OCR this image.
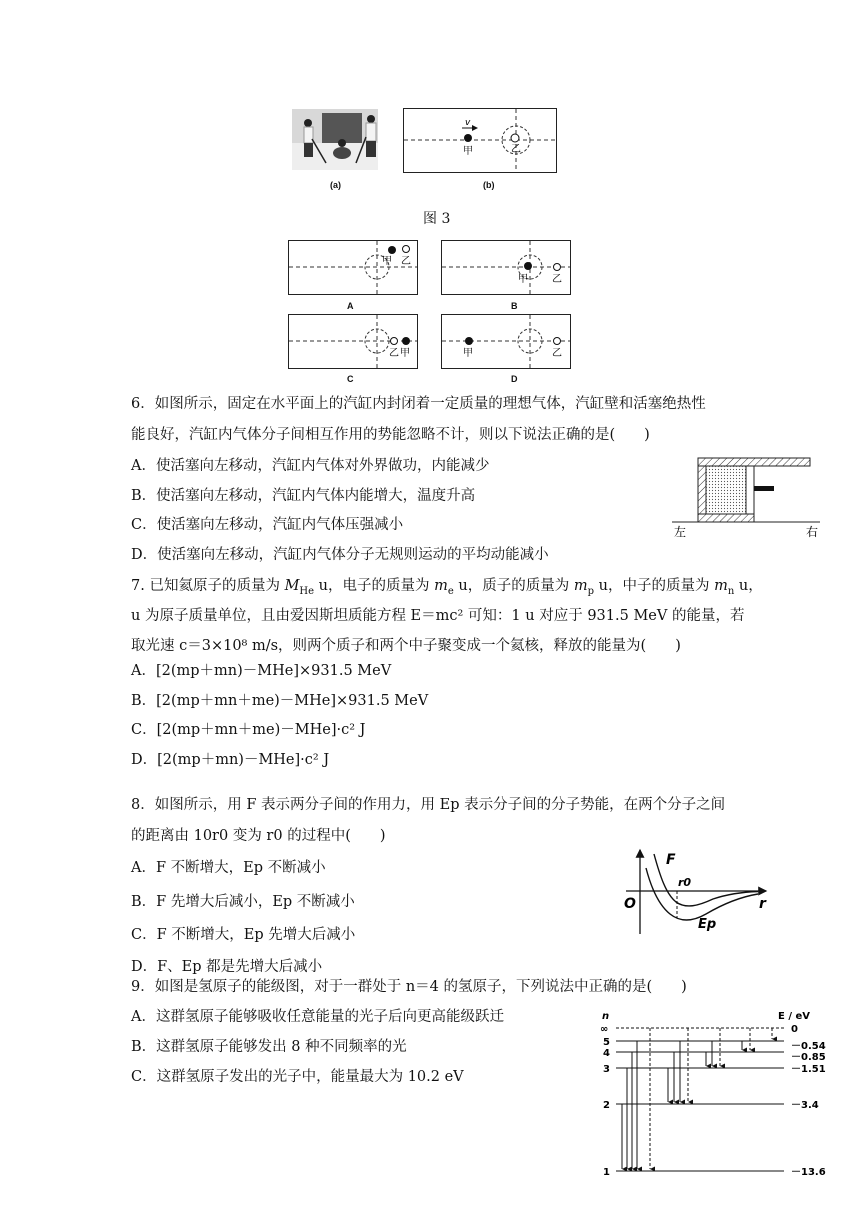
(a)
甲	乙
v
(b)
图 3
甲 乙
A
甲 乙
B
乙 甲
C
甲	乙
D
6．如图所示，固定在水平面上的汽缸内封闭着一定质量的理想气体，汽缸壁和活塞绝热性
能良好，汽缸内气体分子间相互作用的势能忽略不计，则以下说法正确的是(　　)
A．使活塞向左移动，汽缸内气体对外界做功，内能减少
B．使活塞向左移动，汽缸内气体内能增大，温度升高
C．使活塞向左移动，汽缸内气体压强减小
D．使活塞向左移动，汽缸内气体分子无规则运动的平均动能减小
左	右
7. 已知氦原子的质量为 $M_{He}$ u，电子的质量为 $m_e$ u，质子的质量为 $m_p$ u，中子的质量为 $m_n$ u，
u 为原子质量单位，且由爱因斯坦质能方程 E＝mc² 可知：1 u 对应于 931.5 MeV 的能量，若
取光速 c＝3×10⁸ m/s，则两个质子和两个中子聚变成一个氦核，释放的能量为(　　)
A．[2(mp＋mn)－MHe]×931.5 MeV
B．[2(mp＋mn＋me)－MHe]×931.5 MeV
C．[2(mp＋mn＋me)－MHe]·c² J
D．[2(mp＋mn)－MHe]·c² J
8．如图所示，用 F 表示两分子间的作用力，用 Ep 表示分子间的分子势能，在两个分子之间
的距离由 10r0 变为 r0 的过程中(　　)
A．F 不断增大，Ep 不断减小
B．F 先增大后减小，Ep 不断减小
C．F 不断增大，Ep 先增大后减小
D．F、Ep 都是先增大后减小
F
r0
O	r
Ep
9．如图是氢原子的能级图，对于一群处于 n＝4 的氢原子，下列说法中正确的是(　　)
A．这群氢原子能够吸收任意能量的光子后向更高能级跃迁
B．这群氢原子能够发出 8 种不同频率的光
C．这群氢原子发出的光子中，能量最大为 10.2 eV
n	E / eV
∞
5
4
3
2
1
0
－0.54
－0.85
－1.51
－3.4
－13.6
